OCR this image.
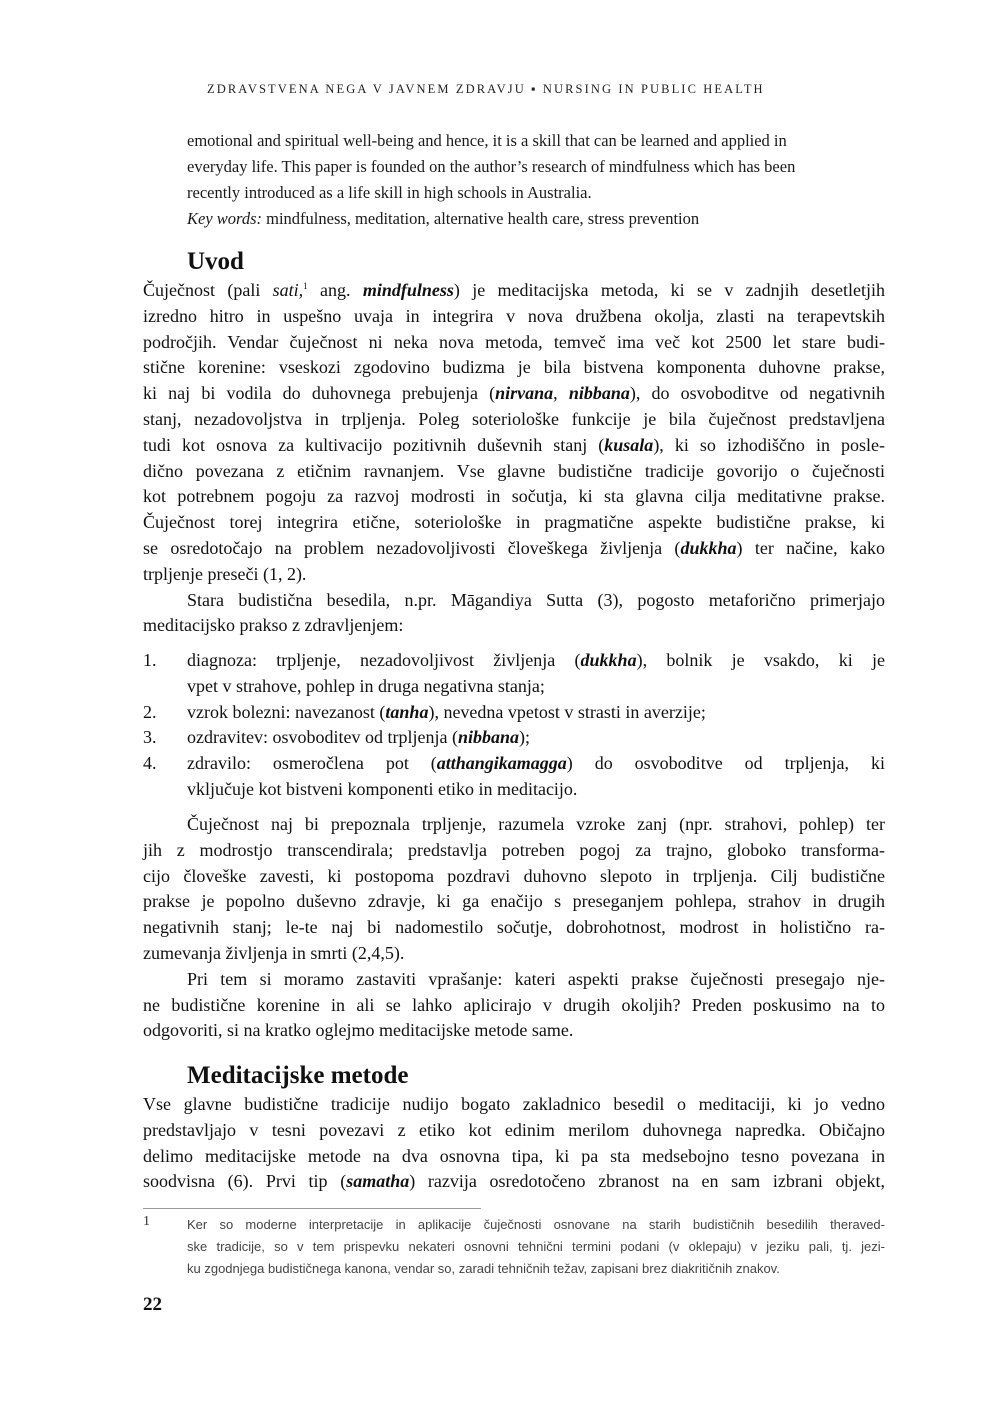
ZDRAVSTVENA NEGA V JAVNEM ZDRAVJU ▪ NURSING IN PUBLIC HEALTH
emotional and spiritual well-being and hence, it is a skill that can be learned and applied in
everyday life. This paper is founded on the author’s research of mindfulness which has been
recently introduced as a life skill in high schools in Australia.
Key words: mindfulness, meditation, alternative health care, stress prevention
Uvod
Čuječnost (pali sati,$^1$ ang. mindfulness) je meditacijska metoda, ki se v zadnjih desetletjih
izredno hitro in uspešno uvaja in integrira v nova družbena okolja, zlasti na terapevtskih
področjih. Vendar čuječnost ni neka nova metoda, temveč ima več kot 2500 let stare budi-
stične korenine: vseskozi zgodovino budizma je bila bistvena komponenta duhovne prakse,
ki naj bi vodila do duhovnega prebujenja (nirvana, nibbana), do osvoboditve od negativnih
stanj, nezadovoljstva in trpljenja. Poleg soteriološke funkcije je bila čuječnost predstavljena
tudi kot osnova za kultivacijo pozitivnih duševnih stanj (kusala), ki so izhodiščno in posle-
dično povezana z etičnim ravnanjem. Vse glavne budistične tradicije govorijo o čuječnosti
kot potrebnem pogoju za razvoj modrosti in sočutja, ki sta glavna cilja meditativne prakse.
Čuječnost torej integrira etične, soteriološke in pragmatične aspekte budistične prakse, ki
se osredotočajo na problem nezadovoljivosti človeškega življenja (dukkha) ter načine, kako
trpljenje preseči (1, 2).
Stara budistična besedila, n.pr. Māgandiya Sutta (3), pogosto metaforično primerjajo
meditacijsko prakso z zdravljenjem:
1. diagnoza: trpljenje, nezadovoljivost življenja (dukkha), bolnik je vsakdo, ki je
vpet v strahove, pohlep in druga negativna stanja;
2. vzrok bolezni: navezanost (tanha), nevedna vpetost v strasti in averzije;
3. ozdravitev: osvoboditev od trpljenja (nibbana);
4. zdravilo: osmeročlena pot (atthangikamagga) do osvoboditve od trpljenja, ki
vključuje kot bistveni komponenti etiko in meditacijo.
Čuječnost naj bi prepoznala trpljenje, razumela vzroke zanj (npr. strahovi, pohlep) ter
jih z modrostjo transcendirala; predstavlja potreben pogoj za trajno, globoko transforma-
cijo človeške zavesti, ki postopoma pozdravi duhovno slepoto in trpljenja. Cilj budistične
prakse je popolno duševno zdravje, ki ga enačijo s preseganjem pohlepa, strahov in drugih
negativnih stanj; le-te naj bi nadomestilo sočutje, dobrohotnost, modrost in holistično ra-
zumevanja življenja in smrti (2,4,5).
Pri tem si moramo zastaviti vprašanje: kateri aspekti prakse čuječnosti presegajo nje-
ne budistične korenine in ali se lahko aplicirajo v drugih okoljih? Preden poskusimo na to
odgovoriti, si na kratko oglejmo meditacijske metode same.
Meditacijske metode
Vse glavne budistične tradicije nudijo bogato zakladnico besedil o meditaciji, ki jo vedno
predstavljajo v tesni povezavi z etiko kot edinim merilom duhovnega napredka. Običajno
delimo meditacijske metode na dva osnovna tipa, ki pa sta medsebojno tesno povezana in
soodvisna (6). Prvi tip (samatha) razvija osredotočeno zbranost na en sam izbrani objekt,
1	Ker so moderne interpretacije in aplikacije čuječnosti osnovane na starih budističnih besedilih theraved-
ske tradicije, so v tem prispevku nekateri osnovni tehnični termini podani (v oklepaju) v jeziku pali, tj. jezi-
ku zgodnjega budističnega kanona, vendar so, zaradi tehničnih težav, zapisani brez diakritičnih znakov.
22
